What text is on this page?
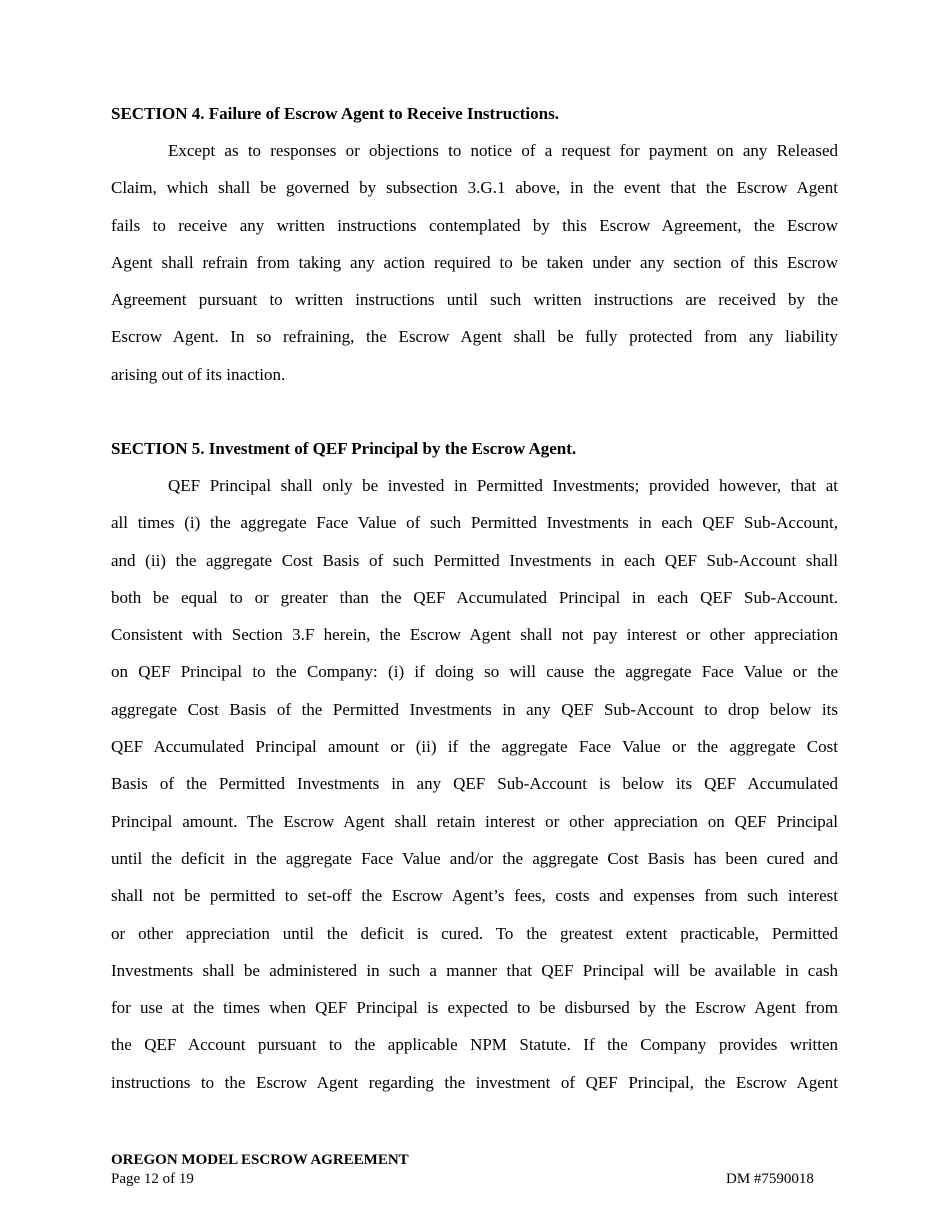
SECTION 4. Failure of Escrow Agent to Receive Instructions.
Except as to responses or objections to notice of a request for payment on any Released
Claim, which shall be governed by subsection 3.G.1 above, in the event that the Escrow Agent
fails to receive any written instructions contemplated by this Escrow Agreement, the Escrow
Agent shall refrain from taking any action required to be taken under any section of this Escrow
Agreement pursuant to written instructions until such written instructions are received by the
Escrow Agent. In so refraining, the Escrow Agent shall be fully protected from any liability
arising out of its inaction.
SECTION 5. Investment of QEF Principal by the Escrow Agent.
QEF Principal shall only be invested in Permitted Investments; provided however, that at
all times (i) the aggregate Face Value of such Permitted Investments in each QEF Sub-Account,
and (ii) the aggregate Cost Basis of such Permitted Investments in each QEF Sub-Account shall
both be equal to or greater than the QEF Accumulated Principal in each QEF Sub-Account.
Consistent with Section 3.F herein, the Escrow Agent shall not pay interest or other appreciation
on QEF Principal to the Company: (i) if doing so will cause the aggregate Face Value or the
aggregate Cost Basis of the Permitted Investments in any QEF Sub-Account to drop below its
QEF Accumulated Principal amount or (ii) if the aggregate Face Value or the aggregate Cost
Basis of the Permitted Investments in any QEF Sub-Account is below its QEF Accumulated
Principal amount. The Escrow Agent shall retain interest or other appreciation on QEF Principal
until the deficit in the aggregate Face Value and/or the aggregate Cost Basis has been cured and
shall not be permitted to set-off the Escrow Agent’s fees, costs and expenses from such interest
or other appreciation until the deficit is cured. To the greatest extent practicable, Permitted
Investments shall be administered in such a manner that QEF Principal will be available in cash
for use at the times when QEF Principal is expected to be disbursed by the Escrow Agent from
the QEF Account pursuant to the applicable NPM Statute. If the Company provides written
instructions to the Escrow Agent regarding the investment of QEF Principal, the Escrow Agent
OREGON MODEL ESCROW AGREEMENT
Page 12 of 19	DM #7590018
